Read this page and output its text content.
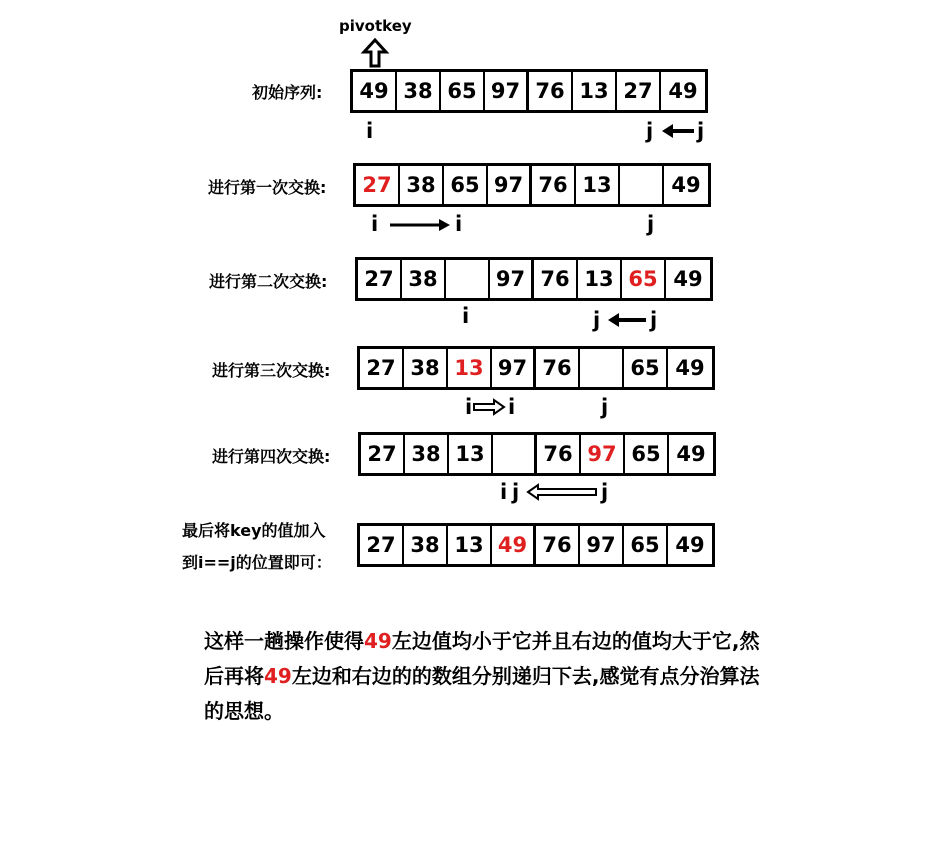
pivotkey
初始序列:	49 38 65 97 76 13 27 49
i	j j
进行第一次交换:	27 38 65 97 76 13	49
i	i	j
进行第二次交换:	27 38	97 76 13 65 49
i	j j
进行第三次交换:	27 38 13 97 76	65 49
i i	j
进行第四次交换:	27 38 13	76 97 65 49
i j	j
最后将key的值加入
到i==j的位置即可：
27 38 13 49 76 97 65 49
这样一趟操作使得49左边值均小于它并且右边的值均大于它,然
后再将49左边和右边的的数组分别递归下去,感觉有点分治算法
的思想。
